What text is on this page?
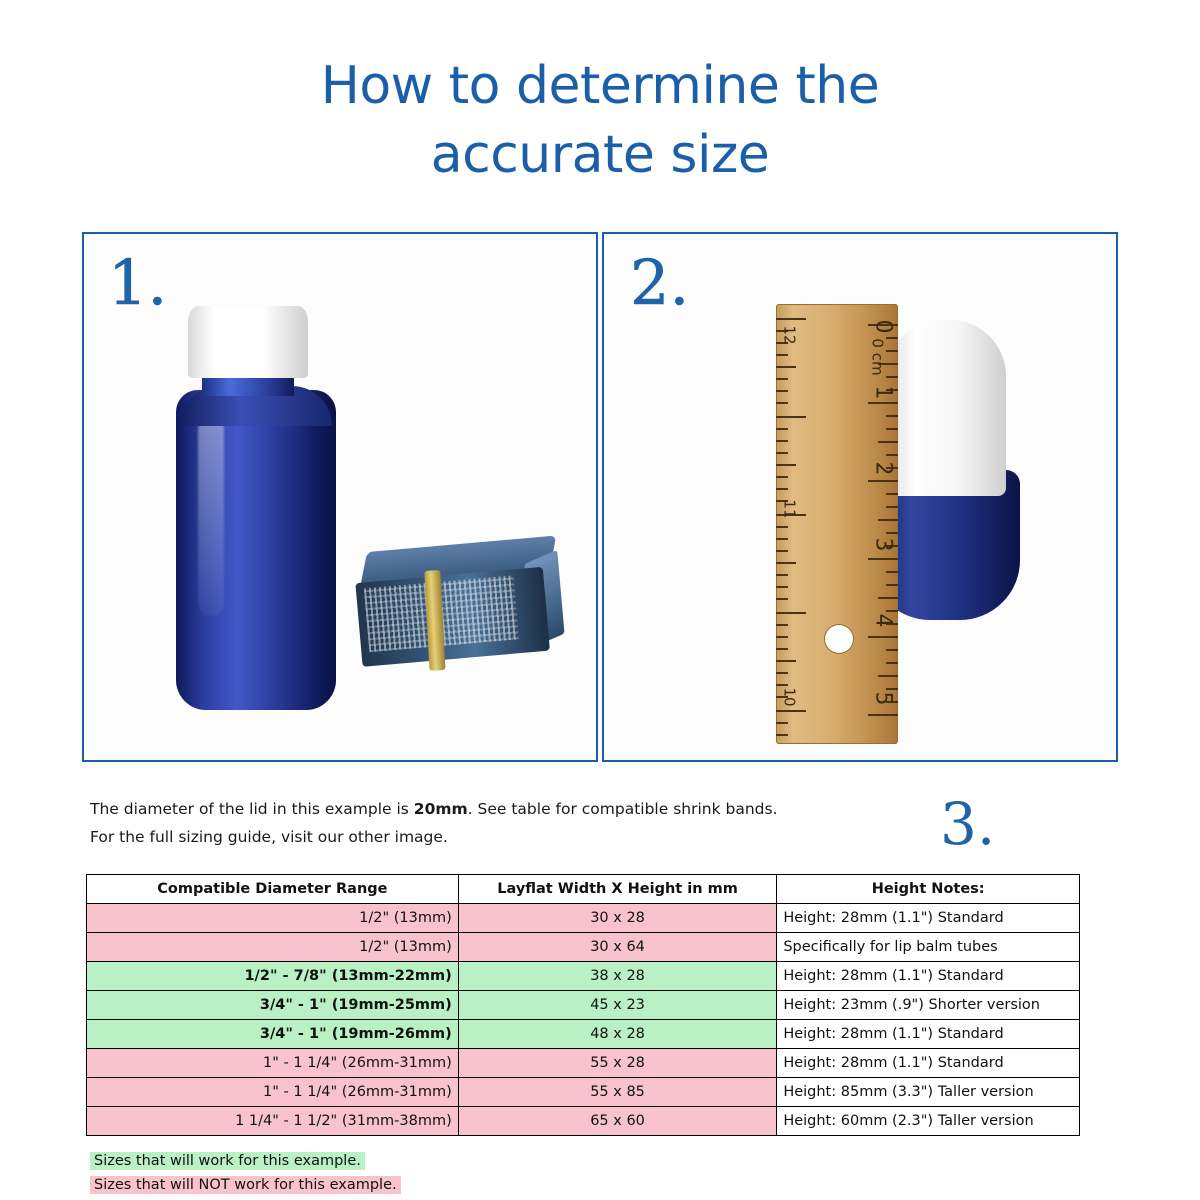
How to determine the
accurate size
1.	2.
0
0 cm
1
2
3
4
5
12
11
10
3.
The diameter of the lid in this example is 20mm. See table for compatible shrink bands.
For the full sizing guide, visit our other image.
Compatible Diameter Range	Layflat Width X Height in mm	Height Notes:
1/2" (13mm)	30 x 28	Height: 28mm (1.1") Standard
1/2" (13mm)	30 x 64	Specifically for lip balm tubes
1/2" - 7/8" (13mm-22mm)	38 x 28	Height: 28mm (1.1") Standard
3/4" - 1" (19mm-25mm)	45 x 23	Height: 23mm (.9") Shorter version
3/4" - 1" (19mm-26mm)	48 x 28	Height: 28mm (1.1") Standard
1" - 1 1/4" (26mm-31mm)	55 x 28	Height: 28mm (1.1") Standard
1" - 1 1/4" (26mm-31mm)	55 x 85	Height: 85mm (3.3") Taller version
1 1/4" - 1 1/2" (31mm-38mm)	65 x 60	Height: 60mm (2.3") Taller version
Sizes that will work for this example.
Sizes that will NOT work for this example.
